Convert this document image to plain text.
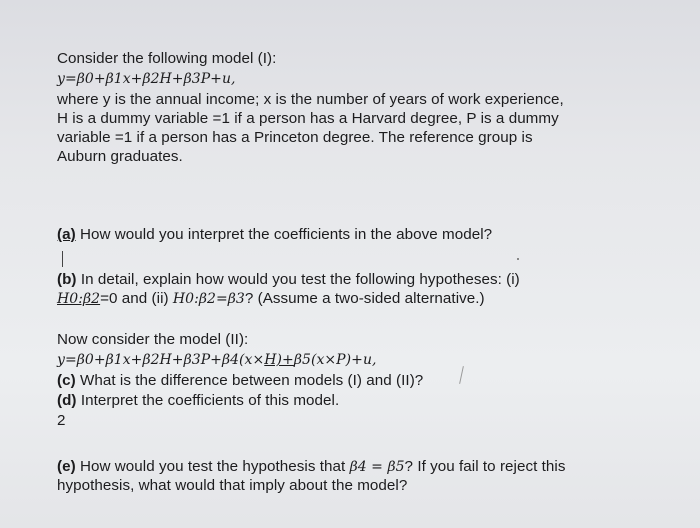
Consider the following model (I):
y=β0+β1x+β2H+β3P+u,
where y is the annual income; x is the number of years of work experience,
H is a dummy variable =1 if a person has a Harvard degree, P is a dummy
variable =1 if a person has a Princeton degree. The reference group is
Auburn graduates.
(a) How would you interpret the coefficients in the above model?
(b) In detail, explain how would you test the following hypotheses: (i)
H0:β2=0 and (ii) H0:β2=β3? (Assume a two-sided alternative.)
Now consider the model (II):
y=β0+β1x+β2H+β3P+β4(x×H)+β5(x×P)+u,
(c) What is the difference between models (I) and (II)?
(d) Interpret the coefficients of this model.
2
(e) How would you test the hypothesis that β4 = β5? If you fail to reject this
hypothesis, what would that imply about the model?
